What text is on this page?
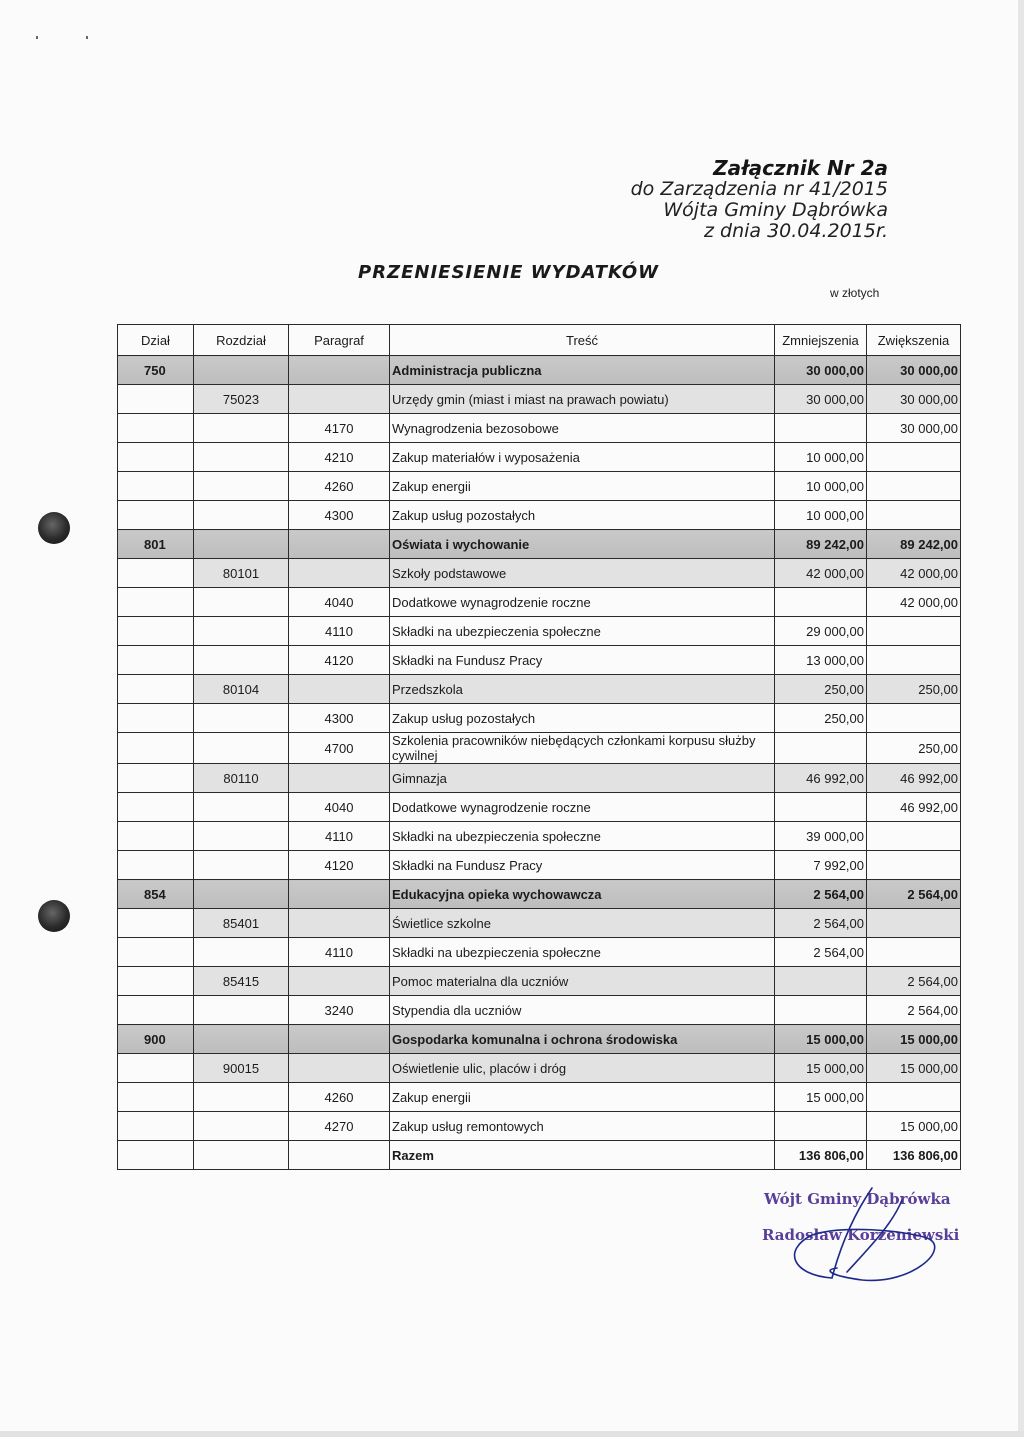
Załącznik Nr 2a
do Zarządzenia nr 41/2015
Wójta Gminy Dąbrówka
z dnia 30.04.2015r.
PRZENIESIENIE WYDATKÓW
w złotych
Dział	Rozdział	Paragraf	Treść	Zmniejszenia	Zwiększenia
750			Administracja publiczna	30 000,00	30 000,00
	75023		Urzędy gmin (miast i miast na prawach powiatu)	30 000,00	30 000,00
		4170	Wynagrodzenia bezosobowe		30 000,00
		4210	Zakup materiałów i wyposażenia	10 000,00	
		4260	Zakup energii	10 000,00	
		4300	Zakup usług pozostałych	10 000,00	
801			Oświata i wychowanie	89 242,00	89 242,00
	80101		Szkoły podstawowe	42 000,00	42 000,00
		4040	Dodatkowe wynagrodzenie roczne		42 000,00
		4110	Składki na ubezpieczenia społeczne	29 000,00	
		4120	Składki na Fundusz Pracy	13 000,00	
	80104		Przedszkola	250,00	250,00
		4300	Zakup usług pozostałych	250,00	
		4700	Szkolenia pracowników niebędących członkami korpusu służby cywilnej		250,00
	80110		Gimnazja	46 992,00	46 992,00
		4040	Dodatkowe wynagrodzenie roczne		46 992,00
		4110	Składki na ubezpieczenia społeczne	39 000,00	
		4120	Składki na Fundusz Pracy	7 992,00	
854			Edukacyjna opieka wychowawcza	2 564,00	2 564,00
	85401		Świetlice szkolne	2 564,00	
		4110	Składki na ubezpieczenia społeczne	2 564,00	
	85415		Pomoc materialna dla uczniów		2 564,00
		3240	Stypendia dla uczniów		2 564,00
900			Gospodarka komunalna i ochrona środowiska	15 000,00	15 000,00
	90015		Oświetlenie ulic, placów i dróg	15 000,00	15 000,00
		4260	Zakup energii	15 000,00	
		4270	Zakup usług remontowych		15 000,00
			Razem	136 806,00	136 806,00
Wójt Gminy Dąbrówka
Radosław Korzeniewski
